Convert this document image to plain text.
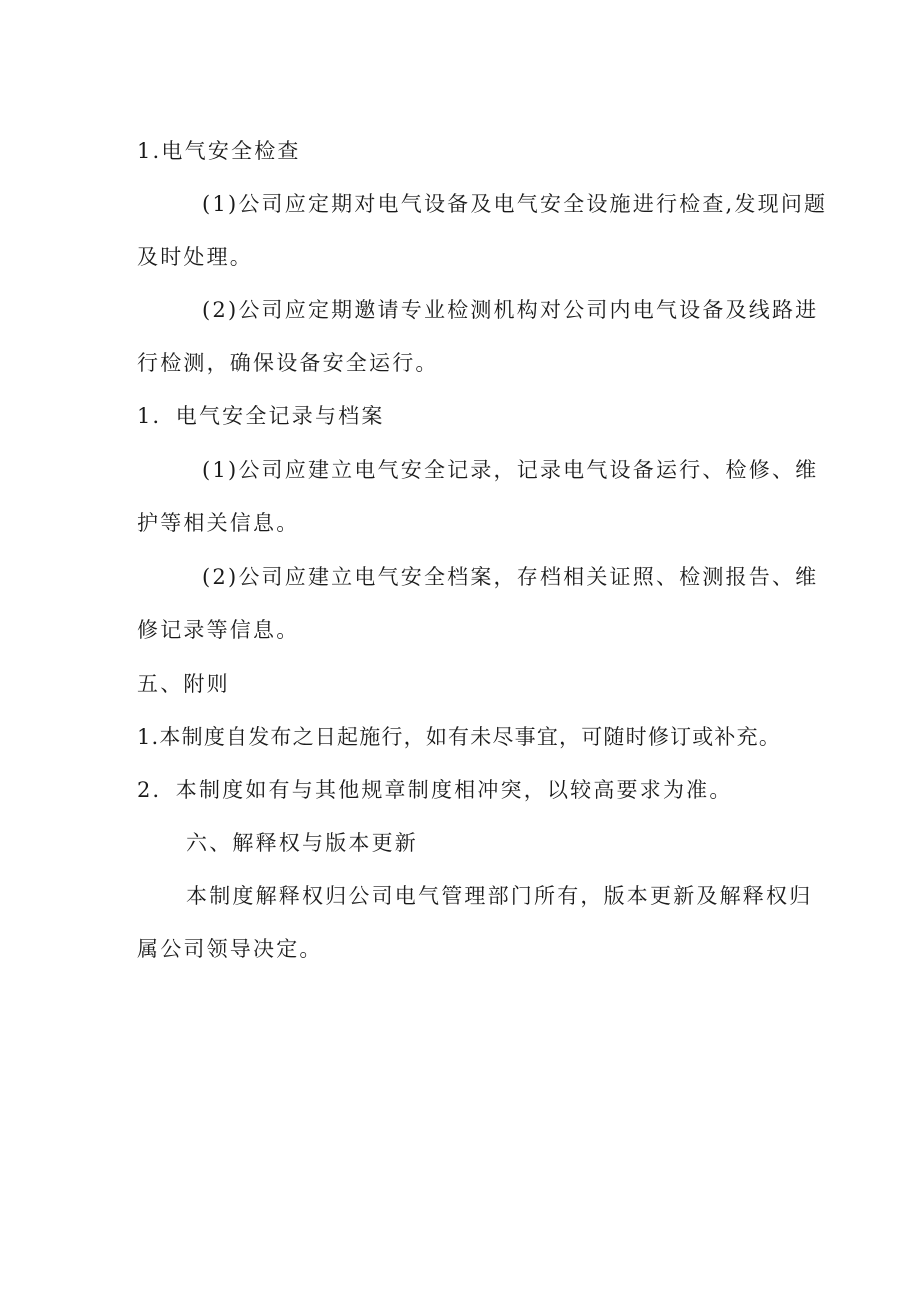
1.电气安全检查
(1)公司应定期对电气设备及电气安全设施进行检查,发现问题
及时处理。
(2)公司应定期邀请专业检测机构对公司内电气设备及线路进
行检测，确保设备安全运行。
1．电气安全记录与档案
(1)公司应建立电气安全记录，记录电气设备运行、检修、维
护等相关信息。
(2)公司应建立电气安全档案，存档相关证照、检测报告、维
修记录等信息。
五、附则
1.本制度自发布之日起施行，如有未尽事宜，可随时修订或补充。
2．本制度如有与其他规章制度相冲突，以较高要求为准。
六、解释权与版本更新
本制度解释权归公司电气管理部门所有，版本更新及解释权归
属公司领导决定。
